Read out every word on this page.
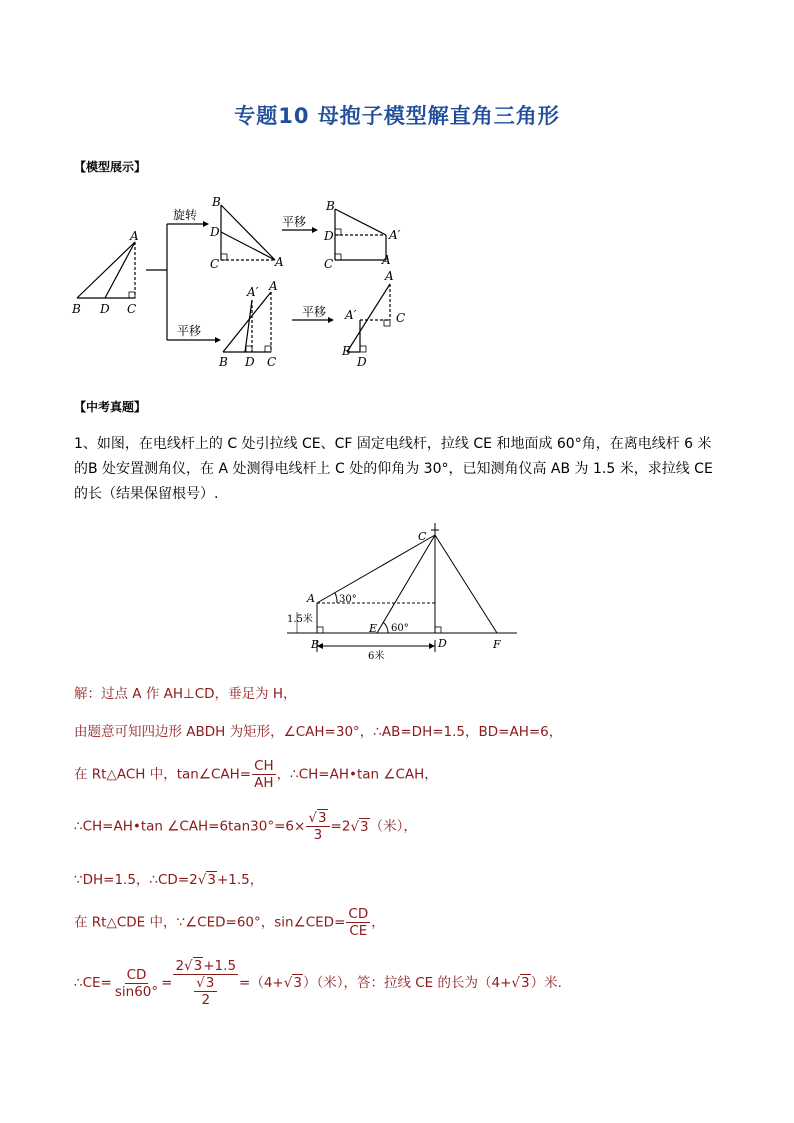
专题10 母抱子模型解直角三角形
【模型展示】
A
B D C
B
D
C	A
B
D
C
A′
A
A′ A
B D C
A
A′	C
B
D
旋转	平移
平移
平移
【中考真题】
1、如图，在电线杆上的 C 处引拉线 CE、CF 固定电线杆，拉线 CE 和地面成 60°角，在离电线杆 6 米的B 处安置测角仪，在 A 处测得电线杆上 C 处的仰角为 30°，已知测角仪高 AB 为 1.5 米，求拉线 CE 的长（结果保留根号）.
C
A
B
E
D	F
30°
60°
1.5米
6米
解：过点 A 作 AH⊥CD，垂足为 H，
由题意可知四边形 ABDH 为矩形，∠CAH=30°，∴AB=DH=1.5，BD=AH=6，
在 Rt△ACH 中，tan∠CAH= $\frac{CH}{AH}$ ，∴CH=AH•tan ∠CAH，
∴CH=AH•tan ∠CAH=6tan30°=6× $\frac{√3}{3} =2√3$（米），
∵DH=1.5，∴CD=2√3+1.5，
在 Rt△CDE 中，∵∠CED=60°，sin∠CED= $\frac{CD}{CE}$ ，
∴CE= $\frac{CD}{\sin 60^\circ} = 2√3+1.5$
√3
2 =（4+√3）（米），答：拉线 CE 的长为（4+√3）米.
